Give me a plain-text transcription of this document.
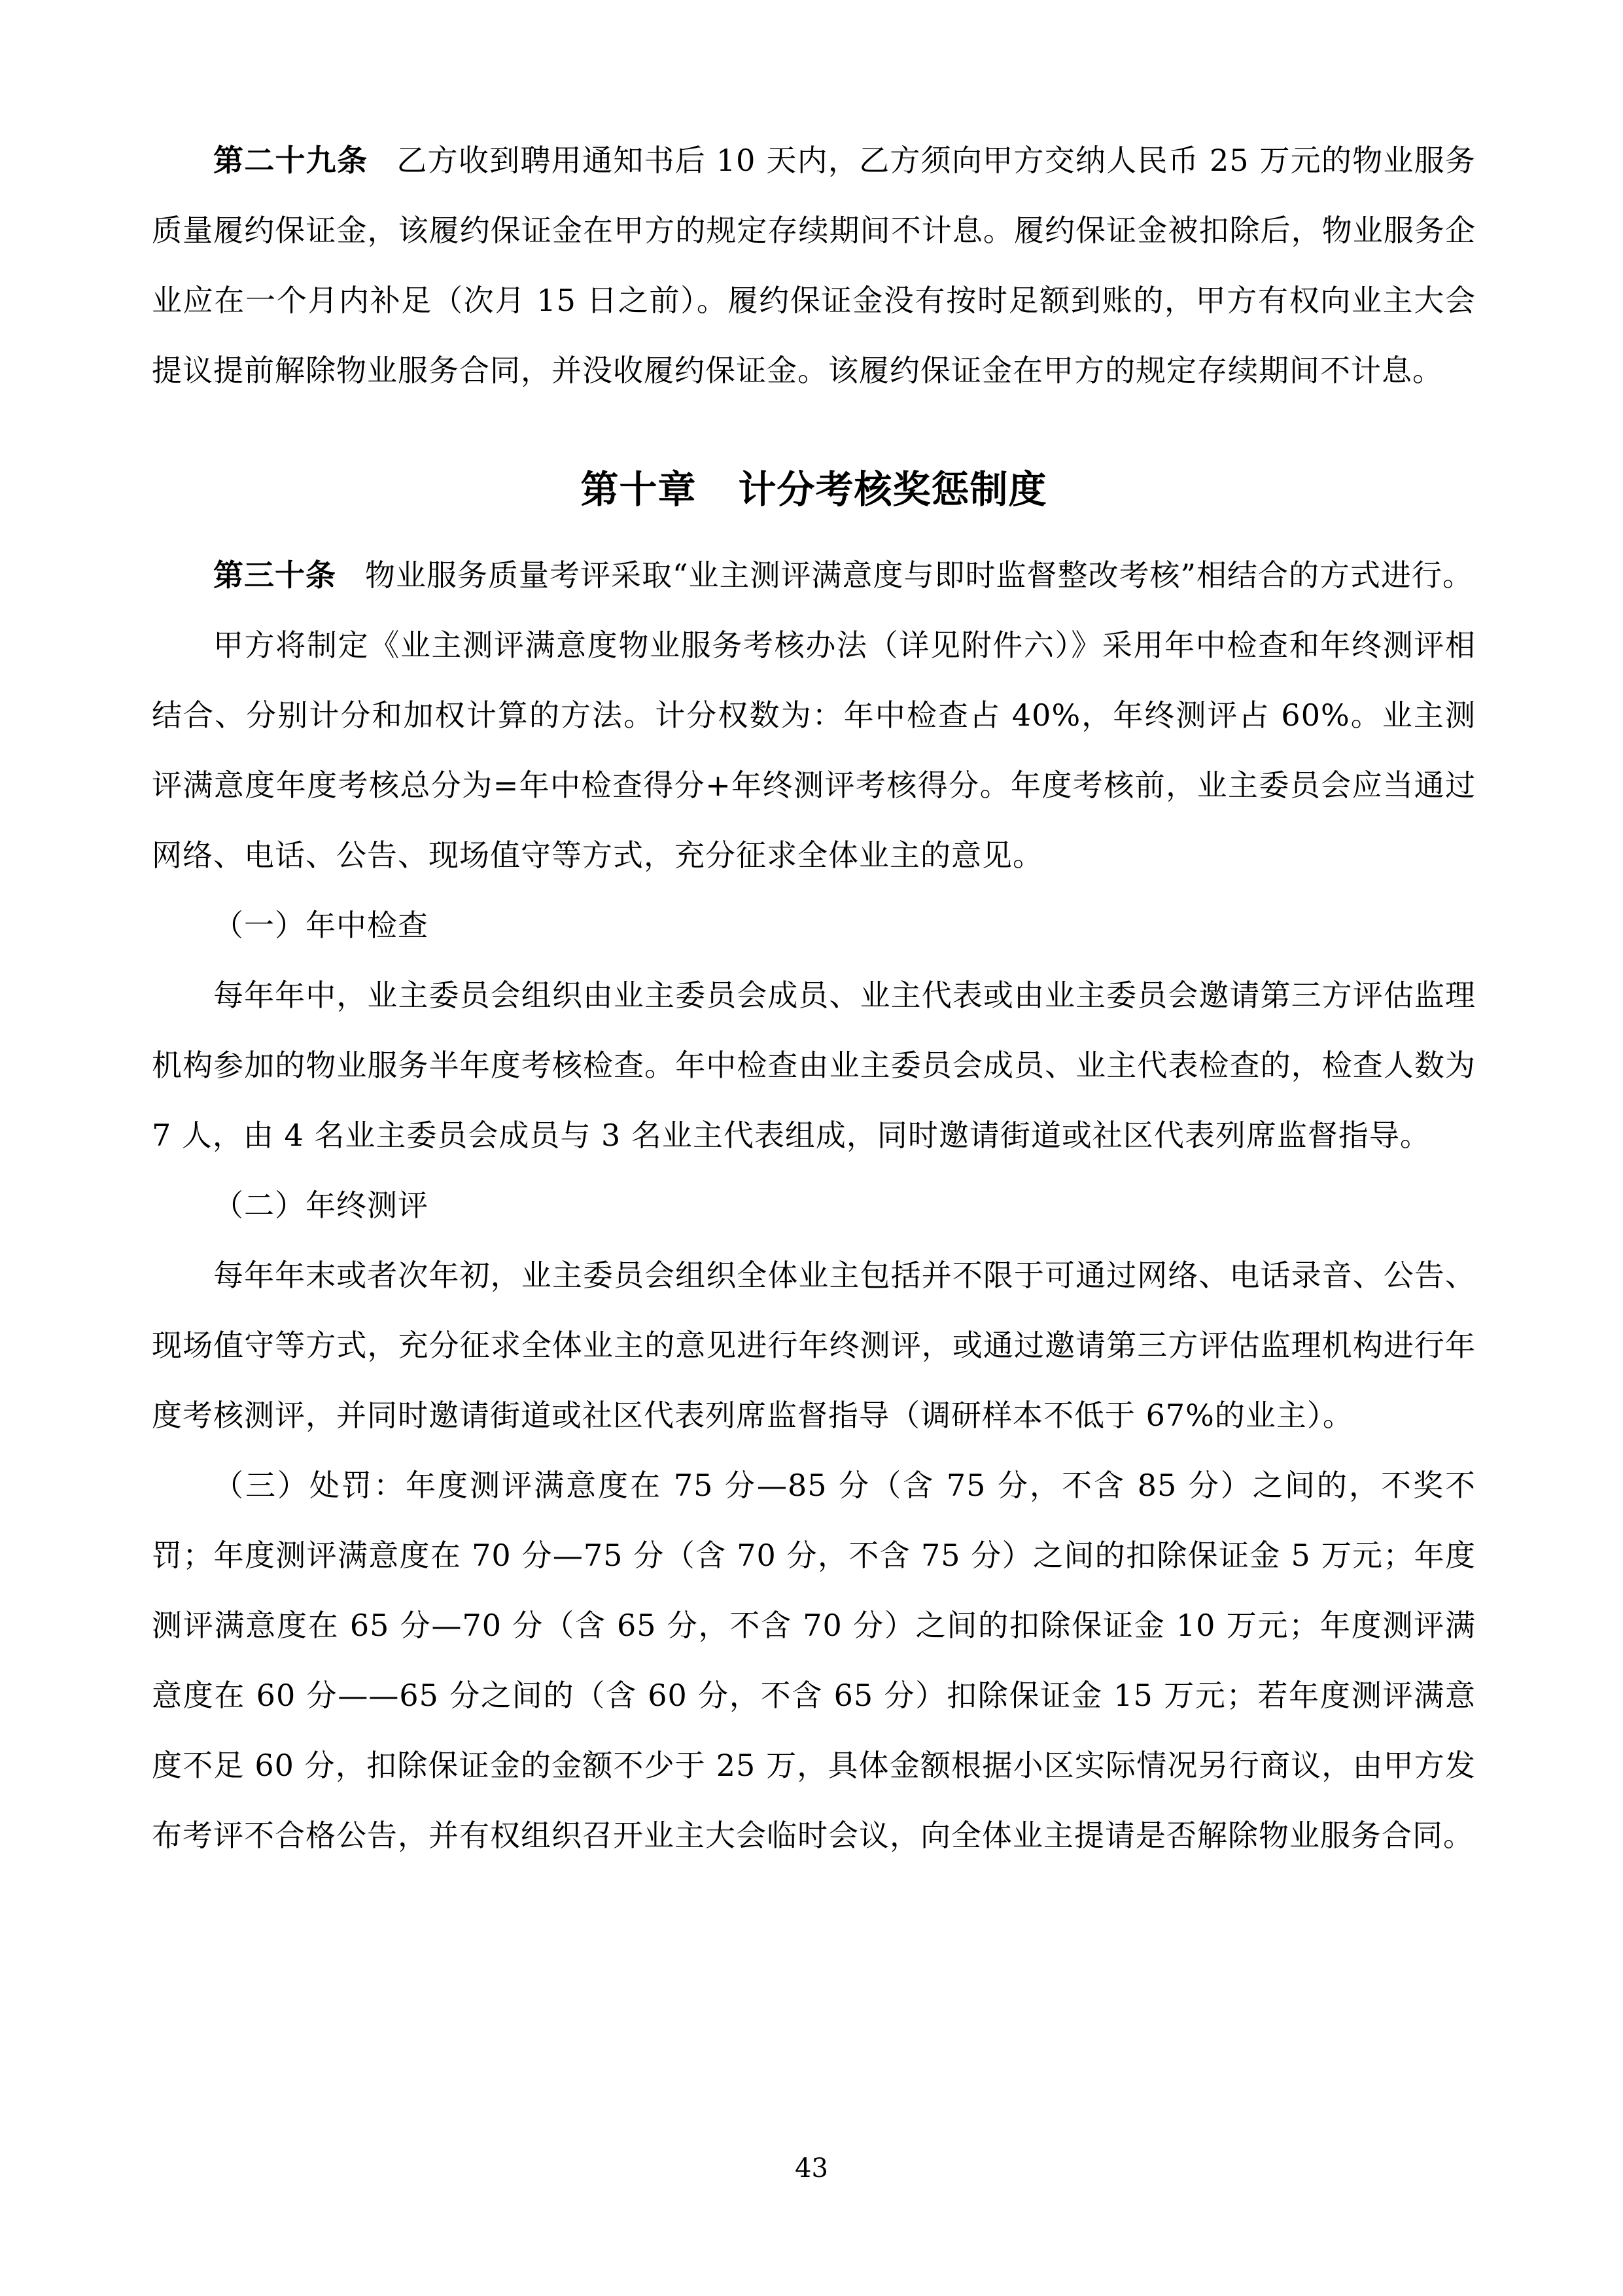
第二十九条 乙方收到聘用通知书后 10 天内，乙方须向甲方交纳人民币 25 万元的物业服务质量履约保证金，该履约保证金在甲方的规定存续期间不计息。履约保证金被扣除后，物业服务企业应在一个月内补足（次月 15 日之前）。履约保证金没有按时足额到账的，甲方有权向业主大会提议提前解除物业服务合同，并没收履约保证金。该履约保证金在甲方的规定存续期间不计息。

第十章 计分考核奖惩制度

第三十条 物业服务质量考评采取“业主测评满意度与即时监督整改考核”相结合的方式进行。

甲方将制定《业主测评满意度物业服务考核办法（详见附件六）》采用年中检查和年终测评相结合、分别计分和加权计算的方法。计分权数为：年中检查占 40%，年终测评占 60%。业主测评满意度年度考核总分为=年中检查得分+年终测评考核得分。年度考核前，业主委员会应当通过网络、电话、公告、现场值守等方式，充分征求全体业主的意见。

（一）年中检查

每年年中，业主委员会组织由业主委员会成员、业主代表或由业主委员会邀请第三方评估监理机构参加的物业服务半年度考核检查。年中检查由业主委员会成员、业主代表检查的，检查人数为 7 人，由 4 名业主委员会成员与 3 名业主代表组成，同时邀请街道或社区代表列席监督指导。

（二）年终测评

每年年末或者次年初，业主委员会组织全体业主包括并不限于可通过网络、电话录音、公告、现场值守等方式，充分征求全体业主的意见进行年终测评，或通过邀请第三方评估监理机构进行年度考核测评，并同时邀请街道或社区代表列席监督指导（调研样本不低于 67%的业主）。

（三）处罚：年度测评满意度在 75 分—85 分（含 75 分，不含 85 分）之间的，不奖不罚；年度测评满意度在 70 分—75 分（含 70 分，不含 75 分）之间的扣除保证金 5 万元；年度测评满意度在 65 分—70 分（含 65 分，不含 70 分）之间的扣除保证金 10 万元；年度测评满意度在 60 分——65 分之间的（含 60 分，不含 65 分）扣除保证金 15 万元；若年度测评满意度不足 60 分，扣除保证金的金额不少于 25 万，具体金额根据小区实际情况另行商议，由甲方发布考评不合格公告，并有权组织召开业主大会临时会议，向全体业主提请是否解除物业服务合同。

43
